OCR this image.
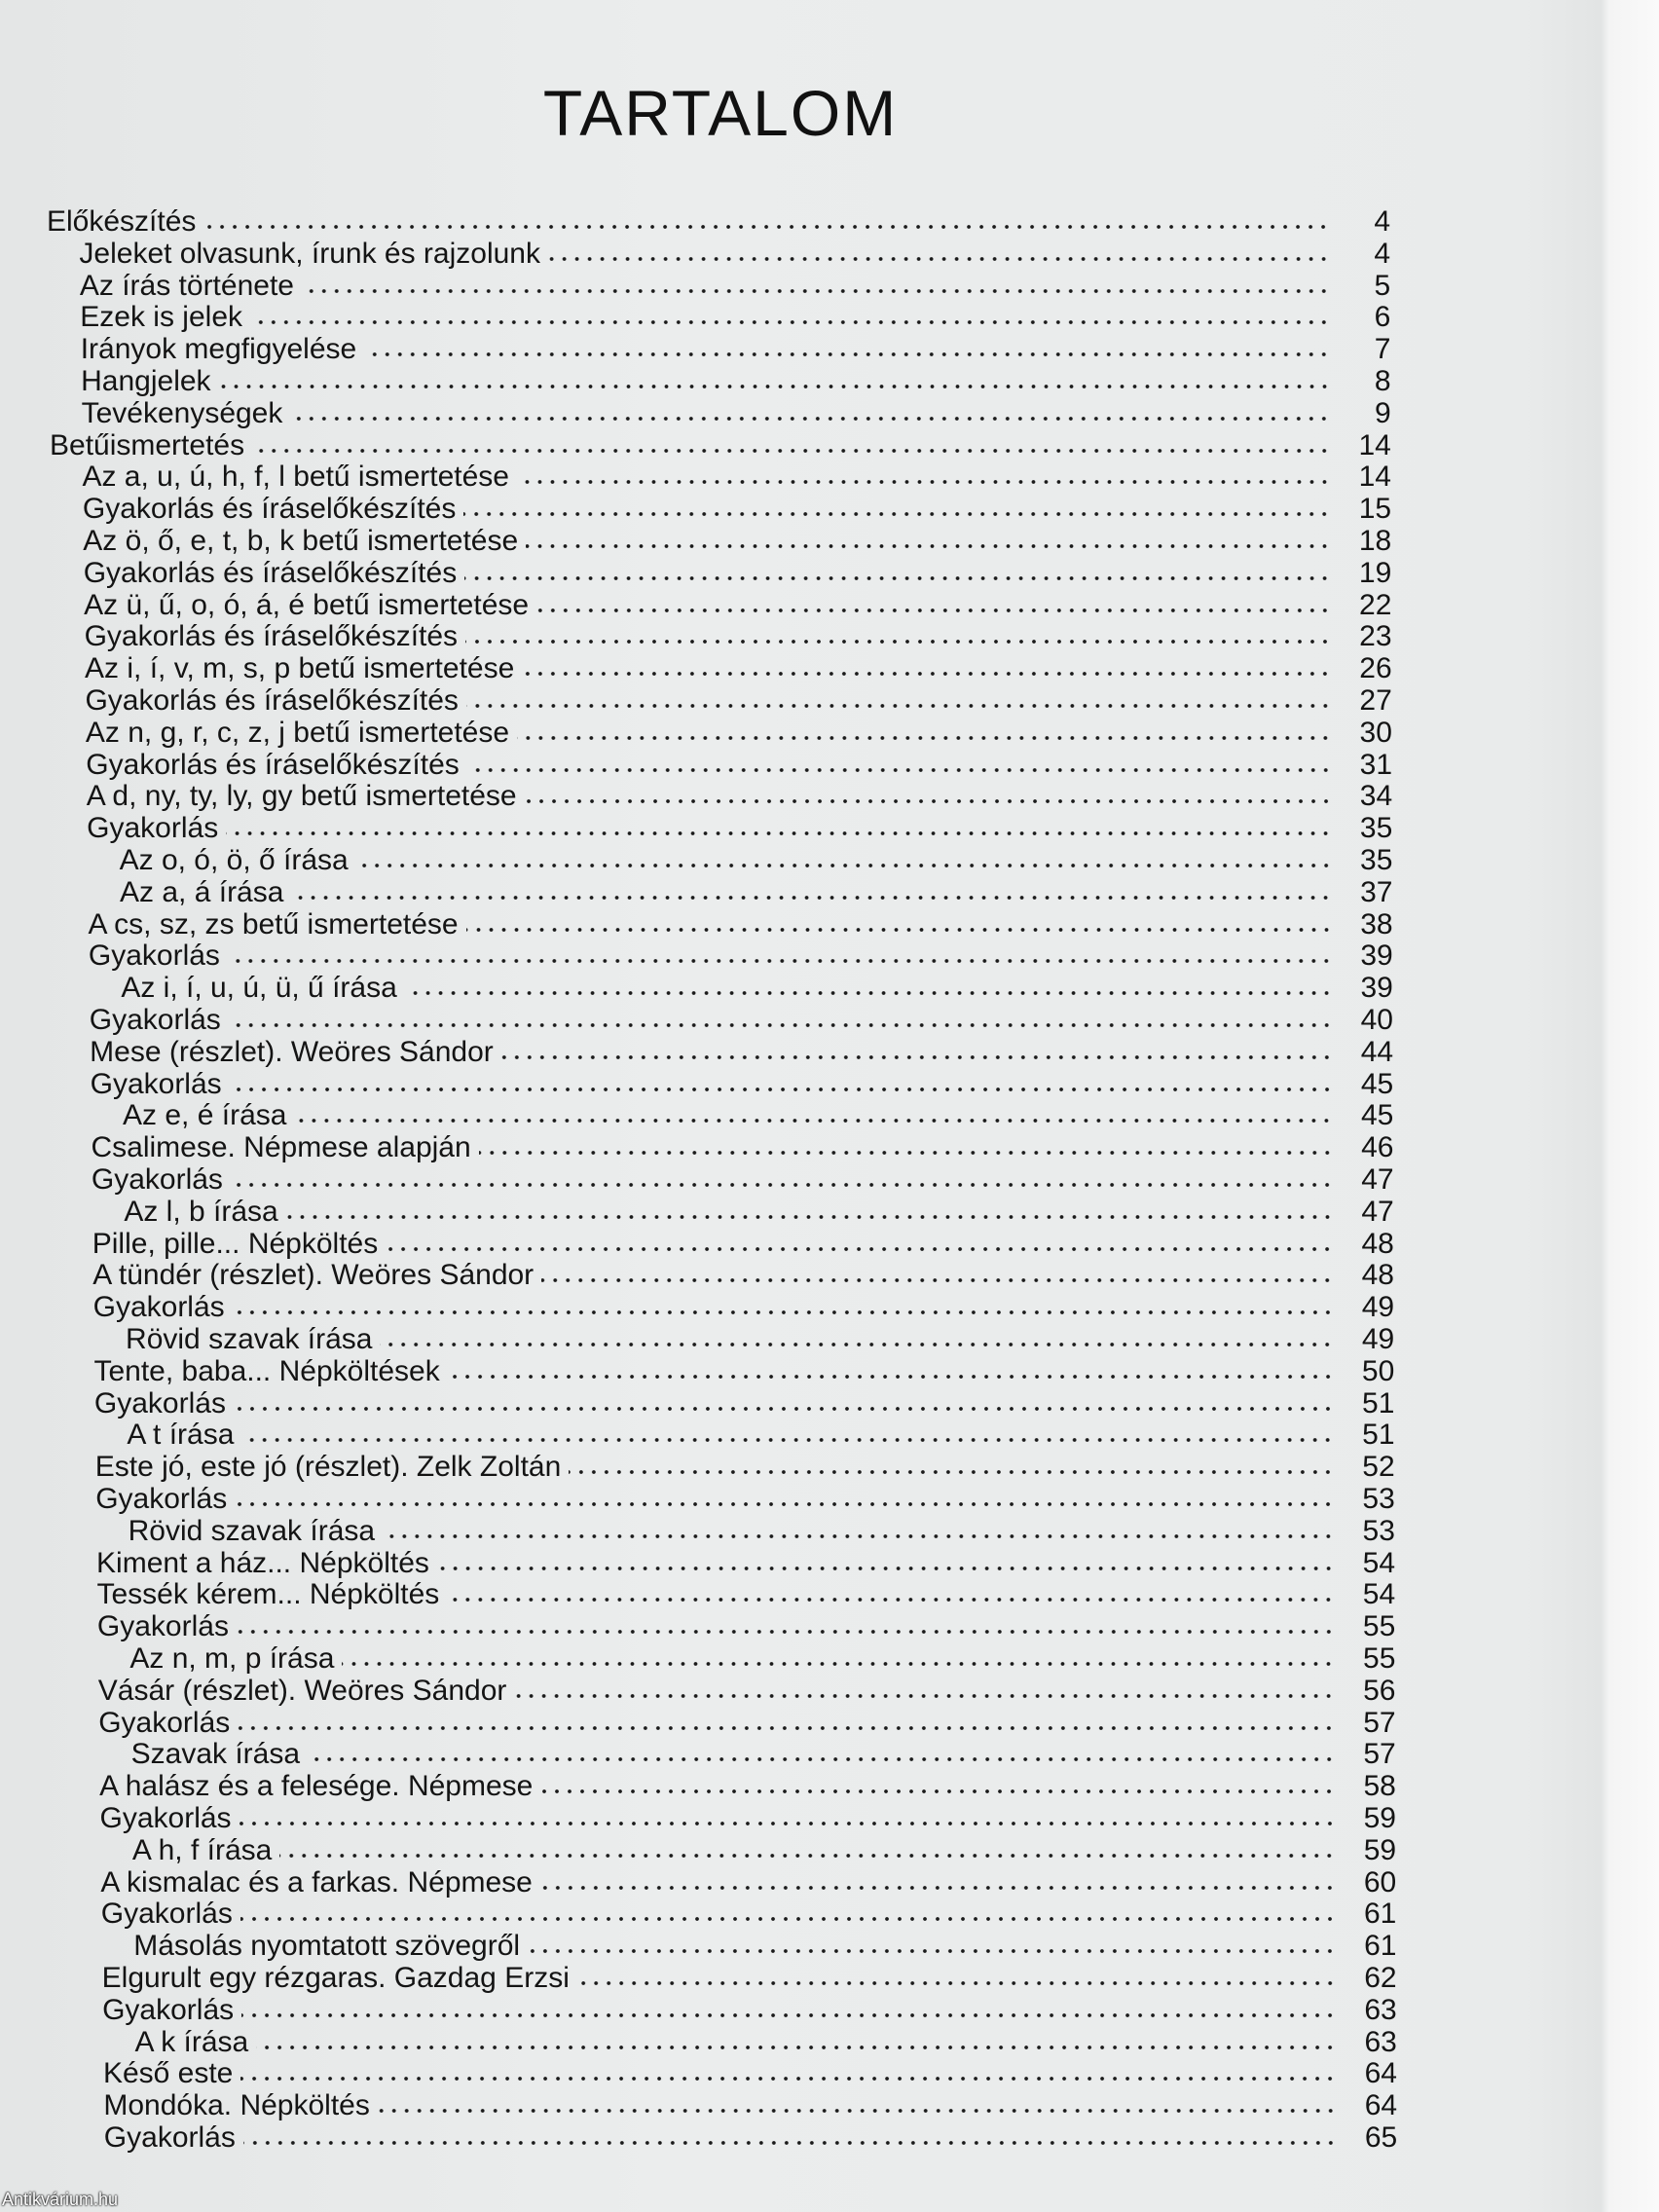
TARTALOM
Előkészítés	4
Jeleket olvasunk, írunk és rajzolunk	4
Az írás története	5
Ezek is jelek	6
Irányok megfigyelése	7
Hangjelek	8
Tevékenységek	9
Betűismertetés	14
Az a, u, ú, h, f, l betű ismertetése	14
Gyakorlás és íráselőkészítés	15
Az ö, ő, e, t, b, k betű ismertetése	18
Gyakorlás és íráselőkészítés	19
Az ü, ű, o, ó, á, é betű ismertetése	22
Gyakorlás és íráselőkészítés	23
Az i, í, v, m, s, p betű ismertetése	26
Gyakorlás és íráselőkészítés	27
Az n, g, r, c, z, j betű ismertetése	30
Gyakorlás és íráselőkészítés	31
A d, ny, ty, ly, gy betű ismertetése	34
Gyakorlás	35
Az o, ó, ö, ő írása	35
Az a, á írása	37
A cs, sz, zs betű ismertetése	38
Gyakorlás	39
Az i, í, u, ú, ü, ű írása	39
Gyakorlás	40
Mese (részlet). Weöres Sándor	44
Gyakorlás	45
Az e, é írása	45
Csalimese. Népmese alapján	46
Gyakorlás	47
Az l, b írása	47
Pille, pille... Népköltés	48
A tündér (részlet). Weöres Sándor	48
Gyakorlás	49
Rövid szavak írása	49
Tente, baba... Népköltések	50
Gyakorlás	51
A t írása	51
Este jó, este jó (részlet). Zelk Zoltán	52
Gyakorlás	53
Rövid szavak írása	53
Kiment a ház... Népköltés	54
Tessék kérem... Népköltés	54
Gyakorlás	55
Az n, m, p írása	55
Vásár (részlet). Weöres Sándor	56
Gyakorlás	57
Szavak írása	57
A halász és a felesége. Népmese	58
Gyakorlás	59
A h, f írása	59
A kismalac és a farkas. Népmese	60
Gyakorlás	61
Másolás nyomtatott szövegről	61
Elgurult egy rézgaras. Gazdag Erzsi	62
Gyakorlás	63
A k írása	63
Késő este	64
Mondóka. Népköltés	64
Gyakorlás	65
Antikvárium.hu
